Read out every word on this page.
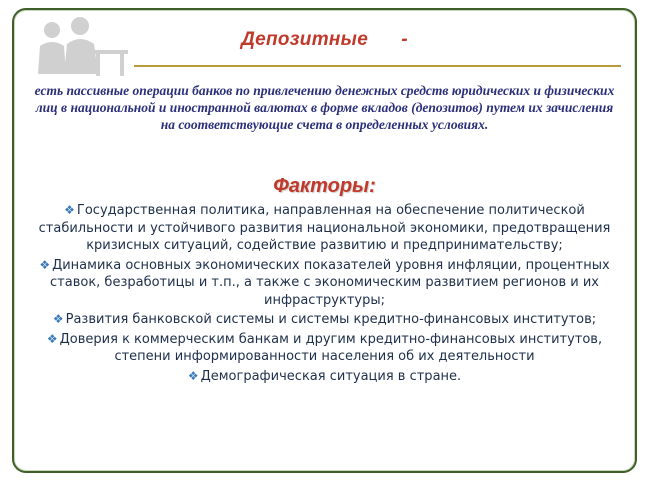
Депозитные -
есть пассивные операции банков по привлечению денежных средств юридических и физических лиц в национальной и иностранной валютах в форме вкладов (депозитов) путем их зачисления на соответствующие счета в определенных условиях.
Факторы:
❖ Государственная политика, направленная на обеспечение политической стабильности и устойчивого развития национальной экономики, предотвращения кризисных ситуаций, содействие развитию и предпринимательству;
❖ Динамика основных экономических показателей уровня инфляции, процентных ставок, безработицы и т.п., а также с экономическим развитием регионов и их инфраструктуры;
❖ Развития банковской системы и системы кредитно-финансовых институтов;
❖ Доверия к коммерческим банкам и другим кредитно-финансовых институтов, степени информированности населения об их деятельности
❖ Демографическая ситуация в стране.
